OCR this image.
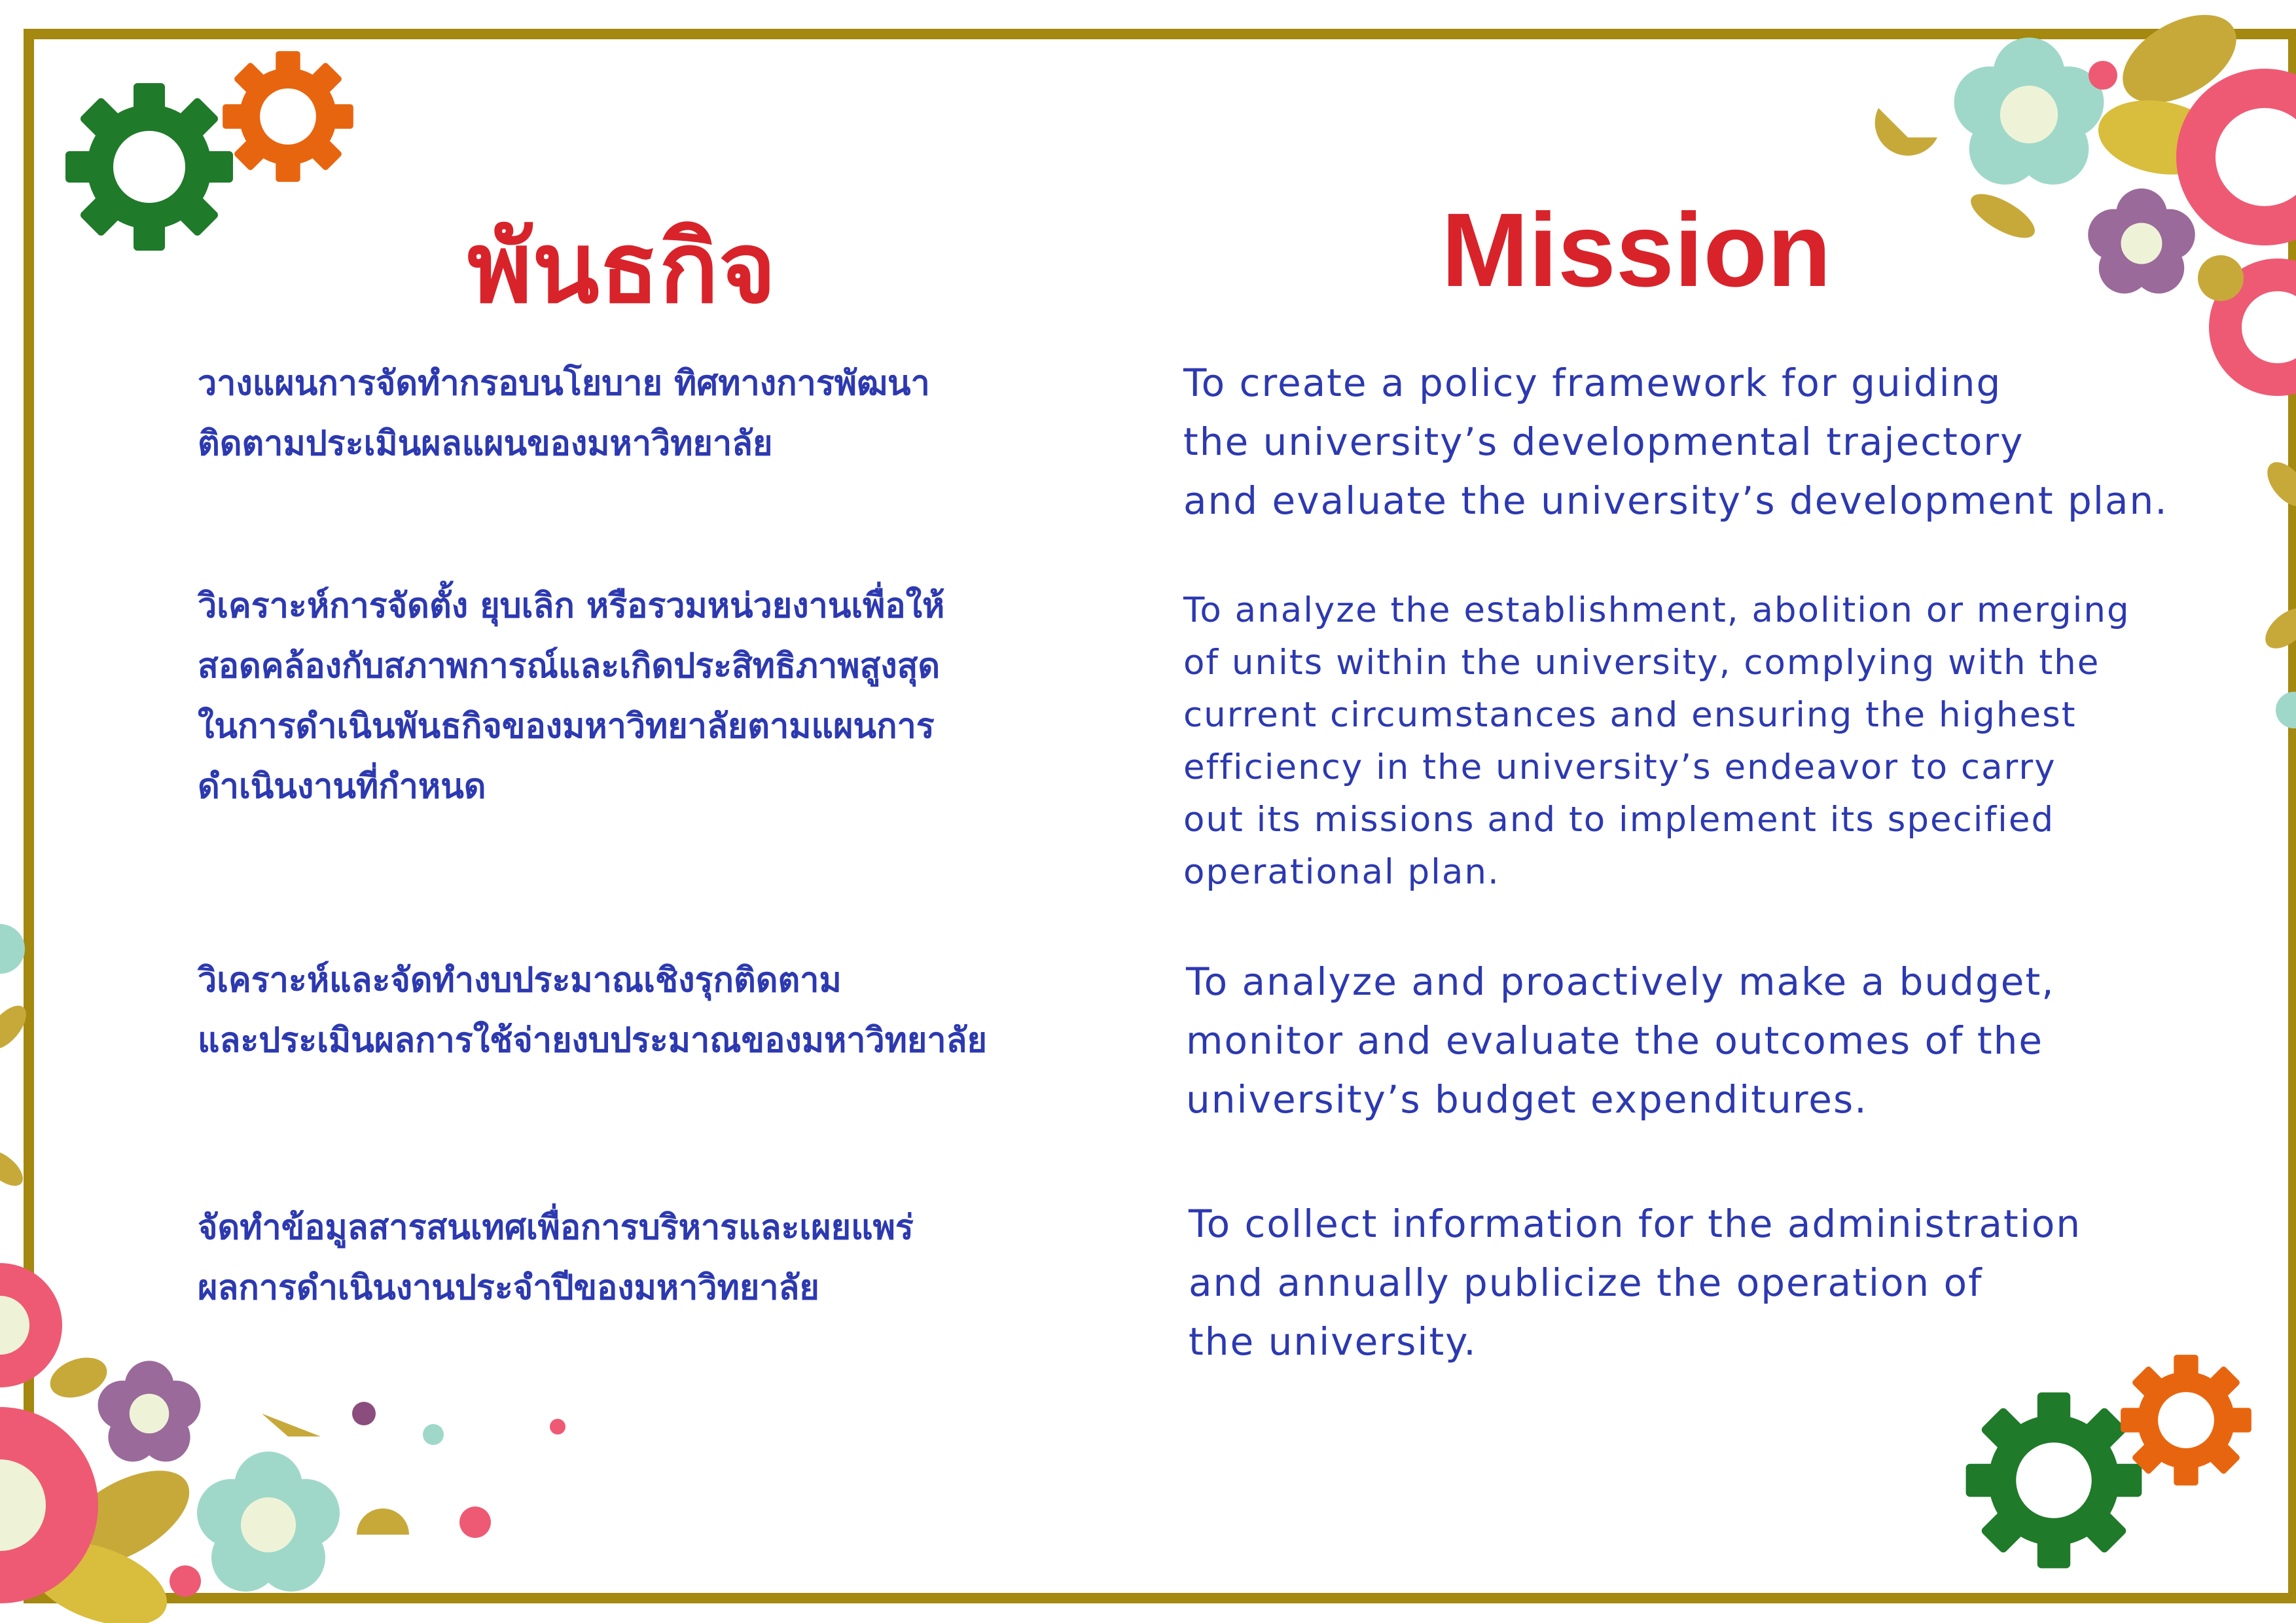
พันธกิจ	Mission
วางแผนการจัดทำกรอบนโยบาย ทิศทางการพัฒนา
ติดตามประเมินผลแผนของมหาวิทยาลัย
To create a policy framework for guiding
the university’s developmental trajectory
and evaluate the university’s development plan.
วิเคราะห์การจัดตั้ง ยุบเลิก หรือรวมหน่วยงานเพื่อให้
สอดคล้องกับสภาพการณ์และเกิดประสิทธิภาพสูงสุด
ในการดำเนินพันธกิจของมหาวิทยาลัยตามแผนการ
ดำเนินงานที่กำหนด
To analyze the establishment, abolition or merging
of units within the university, complying with the
current circumstances and ensuring the highest
efficiency in the university’s endeavor to carry
out its missions and to implement its specified
operational plan.
วิเคราะห์และจัดทำงบประมาณเชิงรุกติดตาม
และประเมินผลการใช้จ่ายงบประมาณของมหาวิทยาลัย
To analyze and proactively make a budget,
monitor and evaluate the outcomes of the
university’s budget expenditures.
จัดทำข้อมูลสารสนเทศเพื่อการบริหารและเผยแพร่
ผลการดำเนินงานประจำปีของมหาวิทยาลัย
To collect information for the administration
and annually publicize the operation of
the university.
